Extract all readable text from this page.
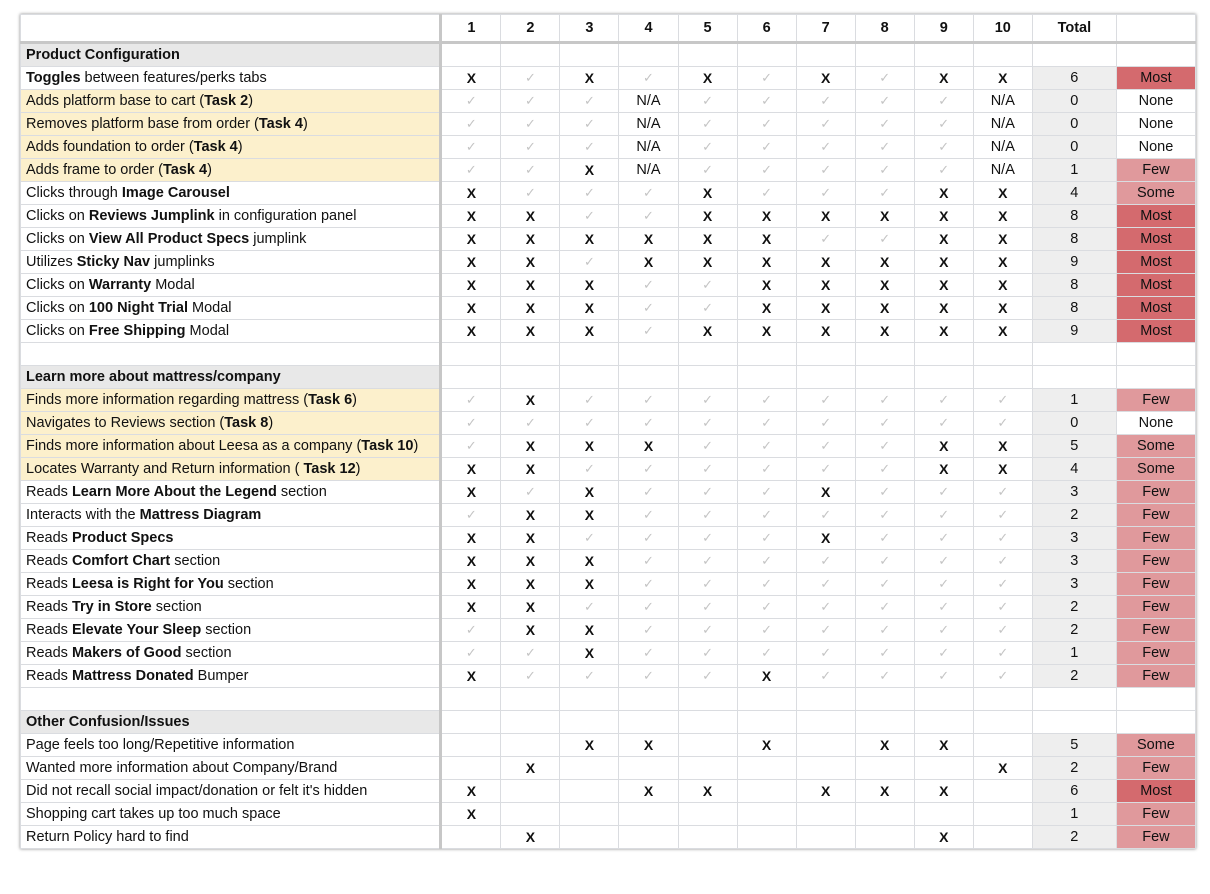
	1	2	3	4	5	6	7	8	9	10	Total	
Product Configuration												
Toggles between features/perks tabs	X	✓	X	✓	X	✓	X	✓	X	X	6	Most
Adds platform base to cart (Task 2)	✓	✓	✓	N/A	✓	✓	✓	✓	✓	N/A	0	None
Removes platform base from order (Task 4)	✓	✓	✓	N/A	✓	✓	✓	✓	✓	N/A	0	None
Adds foundation to order (Task 4)	✓	✓	✓	N/A	✓	✓	✓	✓	✓	N/A	0	None
Adds frame to order (Task 4)	✓	✓	X	N/A	✓	✓	✓	✓	✓	N/A	1	Few
Clicks through Image Carousel	X	✓	✓	✓	X	✓	✓	✓	X	X	4	Some
Clicks on Reviews Jumplink in configuration panel	X	X	✓	✓	X	X	X	X	X	X	8	Most
Clicks on View All Product Specs jumplink	X	X	X	X	X	X	✓	✓	X	X	8	Most
Utilizes Sticky Nav jumplinks	X	X	✓	X	X	X	X	X	X	X	9	Most
Clicks on Warranty Modal	X	X	X	✓	✓	X	X	X	X	X	8	Most
Clicks on 100 Night Trial Modal	X	X	X	✓	✓	X	X	X	X	X	8	Most
Clicks on Free Shipping Modal	X	X	X	✓	X	X	X	X	X	X	9	Most

Learn more about mattress/company												
Finds more information regarding mattress (Task 6)	✓	X	✓	✓	✓	✓	✓	✓	✓	✓	1	Few
Navigates to Reviews section (Task 8)	✓	✓	✓	✓	✓	✓	✓	✓	✓	✓	0	None
Finds more information about Leesa as a company (Task 10)	✓	X	X	X	✓	✓	✓	✓	X	X	5	Some
Locates Warranty and Return information ( Task 12)	X	X	✓	✓	✓	✓	✓	✓	X	X	4	Some
Reads Learn More About the Legend section	X	✓	X	✓	✓	✓	X	✓	✓	✓	3	Few
Interacts with the Mattress Diagram	✓	X	X	✓	✓	✓	✓	✓	✓	✓	2	Few
Reads Product Specs	X	X	✓	✓	✓	✓	X	✓	✓	✓	3	Few
Reads Comfort Chart section	X	X	X	✓	✓	✓	✓	✓	✓	✓	3	Few
Reads Leesa is Right for You section	X	X	X	✓	✓	✓	✓	✓	✓	✓	3	Few
Reads Try in Store section	X	X	✓	✓	✓	✓	✓	✓	✓	✓	2	Few
Reads Elevate Your Sleep section	✓	X	X	✓	✓	✓	✓	✓	✓	✓	2	Few
Reads Makers of Good section	✓	✓	X	✓	✓	✓	✓	✓	✓	✓	1	Few
Reads Mattress Donated Bumper	X	✓	✓	✓	✓	X	✓	✓	✓	✓	2	Few

Other Confusion/Issues												
Page feels too long/Repetitive information			X	X		X		X	X		5	Some
Wanted more information about Company/Brand		X								X	2	Few
Did not recall social impact/donation or felt it's hidden	X			X	X		X	X	X		6	Most
Shopping cart takes up too much space	X										1	Few
Return Policy hard to find		X							X		2	Few
